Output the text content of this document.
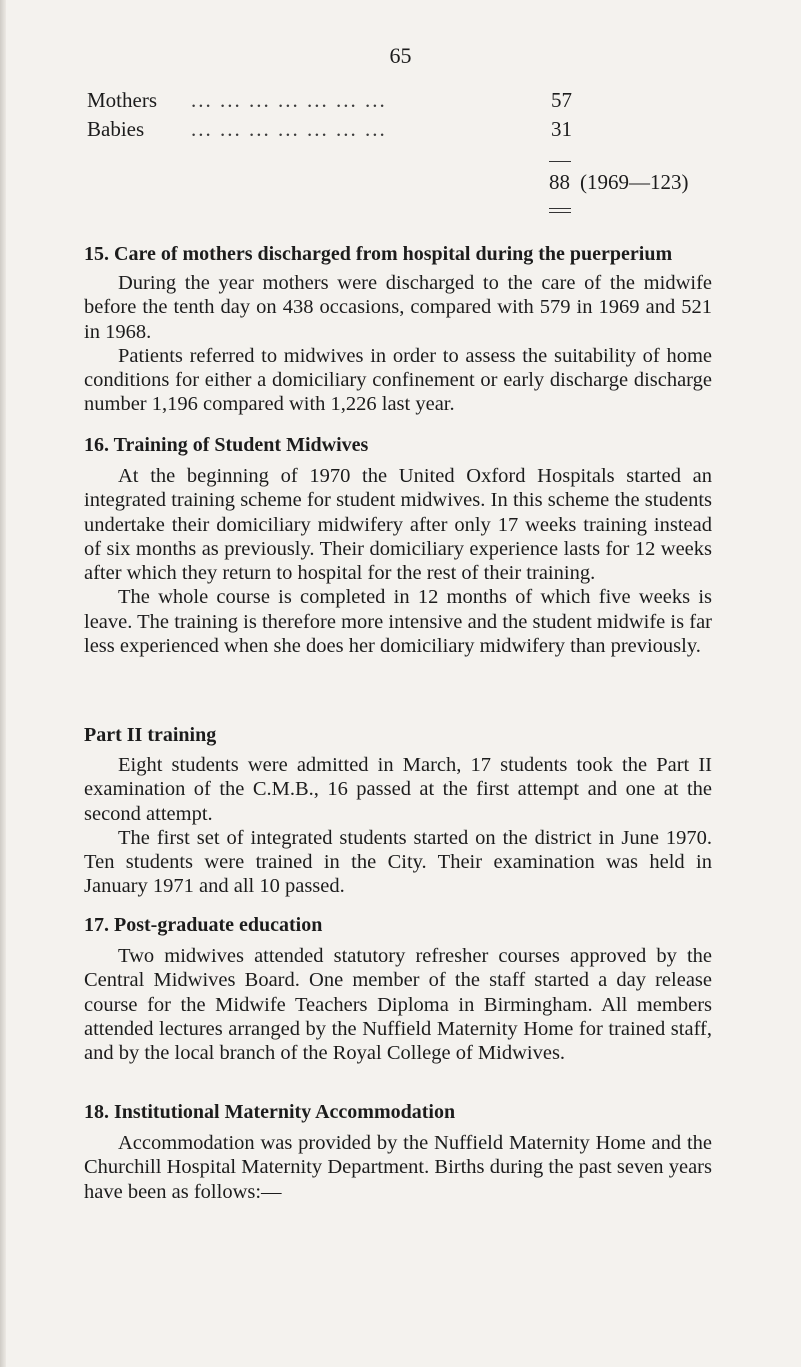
65
Mothers ... ... ... ... ... ... ...	57
Babies ... ... ... ... ... ... ...	31
88 (1969—123)
15. Care of mothers discharged from hospital during the puerperium

During the year mothers were discharged to the care of the midwife before the tenth day on 438 occasions, compared with 579 in 1969 and 521 in 1968.

Patients referred to midwives in order to assess the suitability of home conditions for either a domiciliary confinement or early discharge discharge number 1,196 compared with 1,226 last year.

16. Training of Student Midwives

At the beginning of 1970 the United Oxford Hospitals started an integrated training scheme for student midwives. In this scheme the students undertake their domiciliary midwifery after only 17 weeks training instead of six months as previously. Their domiciliary experience lasts for 12 weeks after which they return to hospital for the rest of their training.

The whole course is completed in 12 months of which five weeks is leave. The training is therefore more intensive and the student midwife is far less experienced when she does her domiciliary midwifery than previously.

Part II training

Eight students were admitted in March, 17 students took the Part II examination of the C.M.B., 16 passed at the first attempt and one at the second attempt.

The first set of integrated students started on the district in June 1970. Ten students were trained in the City. Their examination was held in January 1971 and all 10 passed.

17. Post-graduate education

Two midwives attended statutory refresher courses approved by the Central Midwives Board. One member of the staff started a day release course for the Midwife Teachers Diploma in Birmingham. All members attended lectures arranged by the Nuffield Maternity Home for trained staff, and by the local branch of the Royal College of Midwives.

18. Institutional Maternity Accommodation

Accommodation was provided by the Nuffield Maternity Home and the Churchill Hospital Maternity Department. Births during the past seven years have been as follows:—
